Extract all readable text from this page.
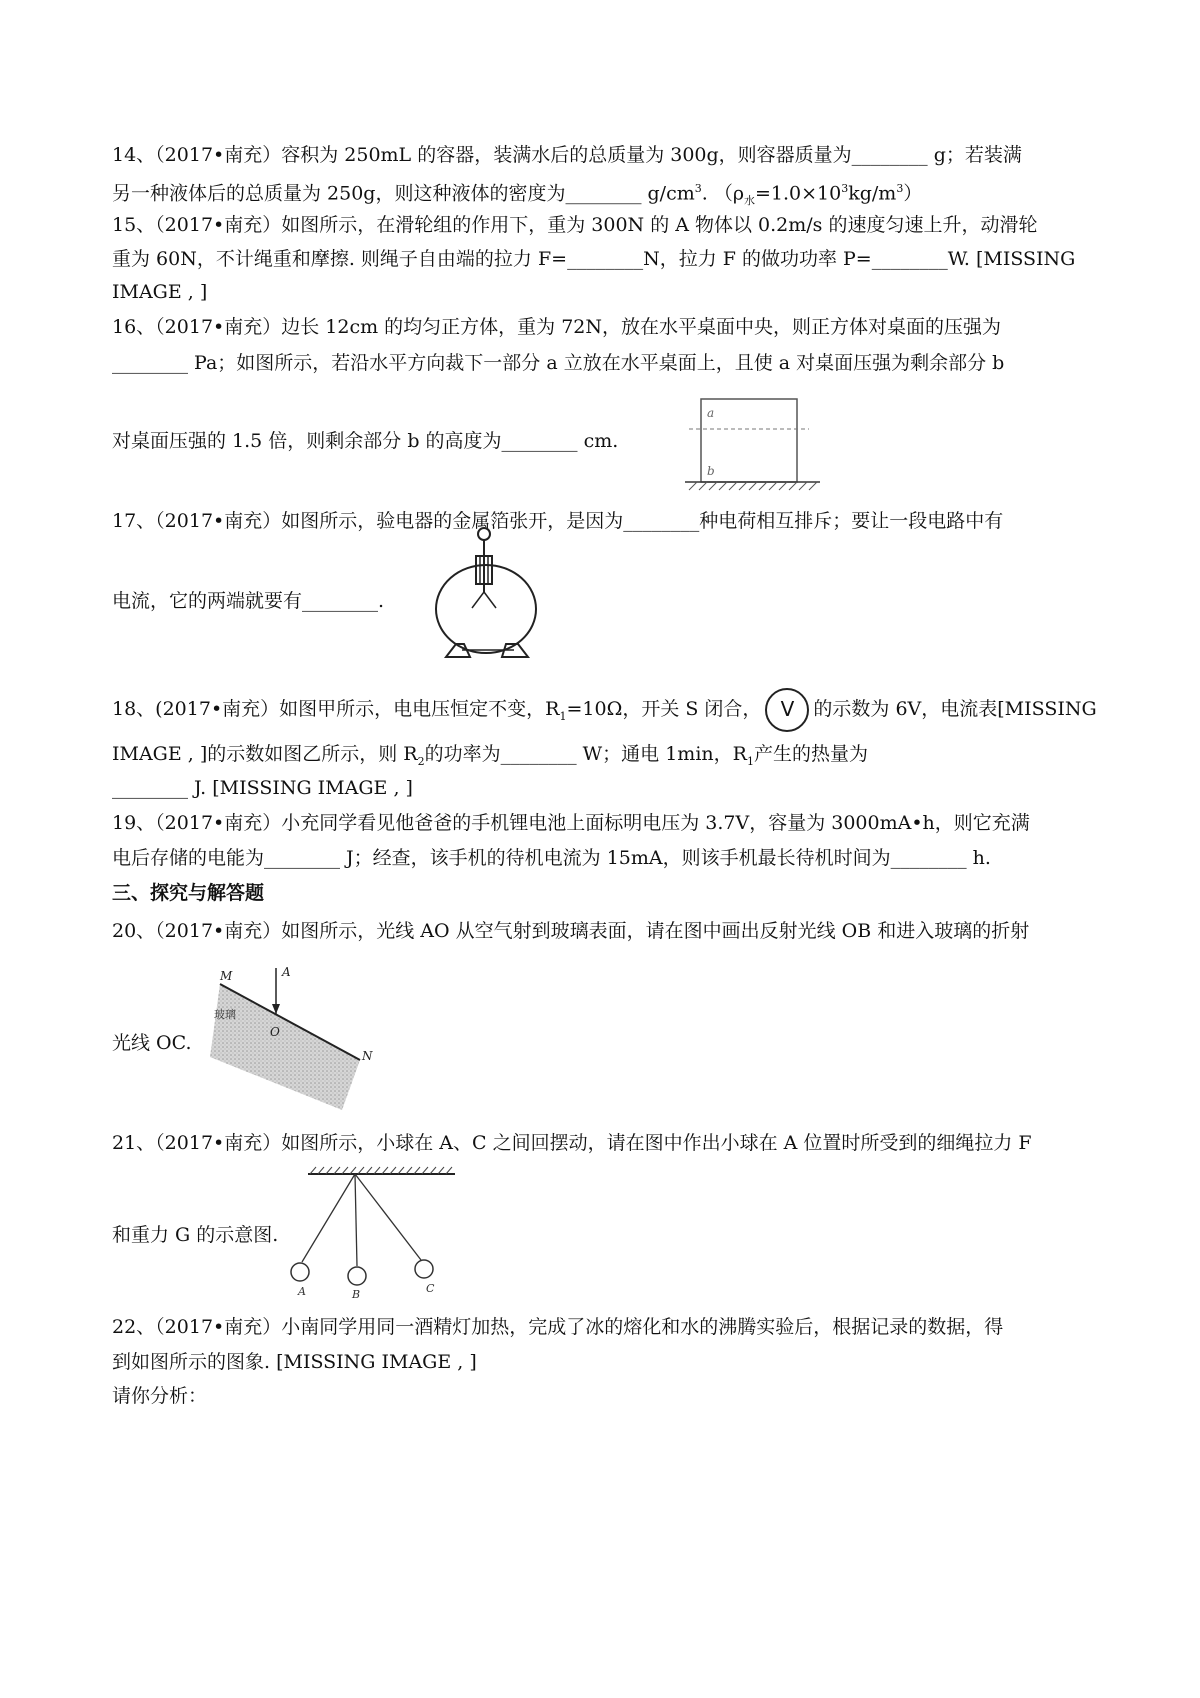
14、（2017•南充）容积为 250mL 的容器，装满水后的总质量为 300g，则容器质量为________ g；若装满
另一种液体后的总质量为 250g，则这种液体的密度为________ $g/cm^3$. $(\rho_水=1.0\times 10^3kg/m^3)$
15、（2017•南充）如图所示，在滑轮组的作用下，重为 300N 的 A 物体以 0.2m/s 的速度匀速上升，动滑轮
重为 60N，不计绳重和摩擦. 则绳子自由端的拉力 F=________N，拉力 F 的做功功率 P=________W. [MISSING
IMAGE , ]
16、（2017•南充）边长 12cm 的均匀正方体，重为 72N，放在水平桌面中央，则正方体对桌面的压强为
________ Pa；如图所示，若沿水平方向裁下一部分 a 立放在水平桌面上，且使 a 对桌面压强为剩余部分 b
对桌面压强的 1.5 倍，则剩余部分 b 的高度为________ cm.
a
b
17、（2017•南充）如图所示，验电器的金属箔张开，是因为________种电荷相互排斥；要让一段电路中有
电流，它的两端就要有________.
18、(2017•南充）如图甲所示，电电压恒定不变，$R_1=10\Omega$，开关 S 闭合， V 的示数为 6V，电流表[MISSING
IMAGE , ]的示数如图乙所示，则 $R_2$的功率为________ W；通电 1min，$R_1$产生的热量为
________ J. [MISSING IMAGE , ]
19、（2017•南充）小充同学看见他爸爸的手机锂电池上面标明电压为 3.7V，容量为 3000mA•h，则它充满
电后存储的电能为________ J；经查，该手机的待机电流为 15mA，则该手机最长待机时间为________ h.
三、探究与解答题
20、（2017•南充）如图所示，光线 AO 从空气射到玻璃表面，请在图中画出反射光线 OB 和进入玻璃的折射
光线 OC.
A
M
N
O
玻璃
21、（2017•南充）如图所示，小球在 A、C 之间回摆动，请在图中作出小球在 A 位置时所受到的细绳拉力 F
和重力 G 的示意图.
A	B	C
22、（2017•南充）小南同学用同一酒精灯加热，完成了冰的熔化和水的沸腾实验后，根据记录的数据，得
到如图所示的图象. [MISSING IMAGE , ]
请你分析：
